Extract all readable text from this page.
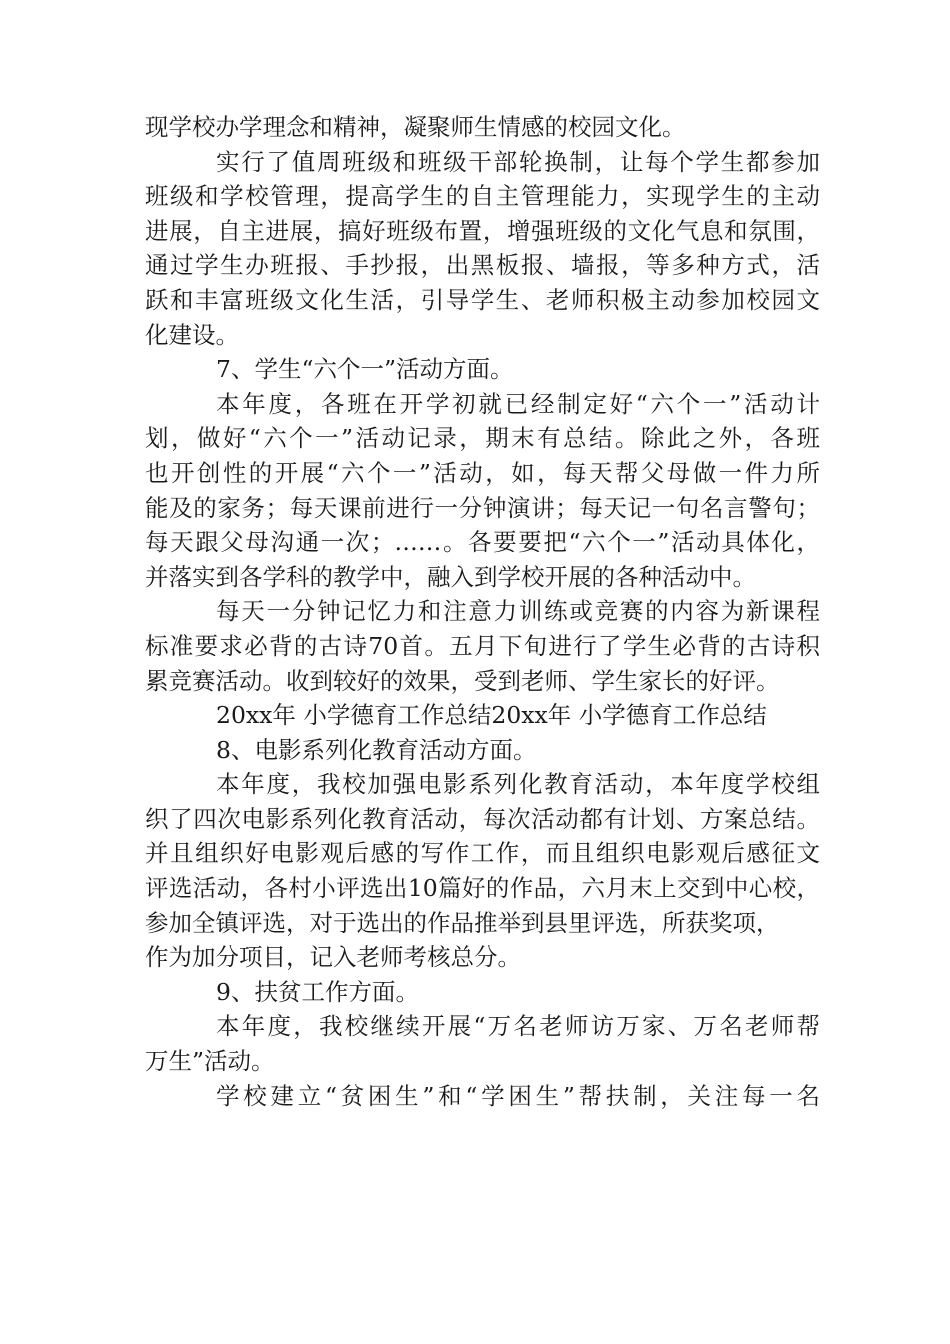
现学校办学理念和精神，凝聚师生情感的校园文化。
实行了值周班级和班级干部轮换制，让每个学生都参加
班级和学校管理，提高学生的自主管理能力，实现学生的主动
进展，自主进展，搞好班级布置，增强班级的文化气息和氛围，
通过学生办班报、手抄报，出黑板报、墙报，等多种方式，活
跃和丰富班级文化生活，引导学生、老师积极主动参加校园文
化建设。
7、学生“六个一”活动方面。
本年度，各班在开学初就已经制定好“六个一”活动计
划，做好“六个一”活动记录，期末有总结。除此之外，各班
也开创性的开展“六个一”活动，如，每天帮父母做一件力所
能及的家务；每天课前进行一分钟演讲；每天记一句名言警句；
每天跟父母沟通一次；……。各要要把“六个一”活动具体化，
并落实到各学科的教学中，融入到学校开展的各种活动中。
每天一分钟记忆力和注意力训练或竞赛的内容为新课程
标准要求必背的古诗70首。五月下旬进行了学生必背的古诗积
累竞赛活动。收到较好的效果，受到老师、学生家长的好评。
20xx年 小学德育工作总结20xx年 小学德育工作总结
8、电影系列化教育活动方面。
本年度，我校加强电影系列化教育活动，本年度学校组
织了四次电影系列化教育活动，每次活动都有计划、方案总结。
并且组织好电影观后感的写作工作，而且组织电影观后感征文
评选活动，各村小评选出10篇好的作品，六月末上交到中心校，
参加全镇评选，对于选出的作品推举到县里评选，所获奖项，
作为加分项目，记入老师考核总分。
9、扶贫工作方面。
本年度，我校继续开展“万名老师访万家、万名老师帮
万生”活动。
学校建立“贫困生”和“学困生”帮扶制，关注每一名
